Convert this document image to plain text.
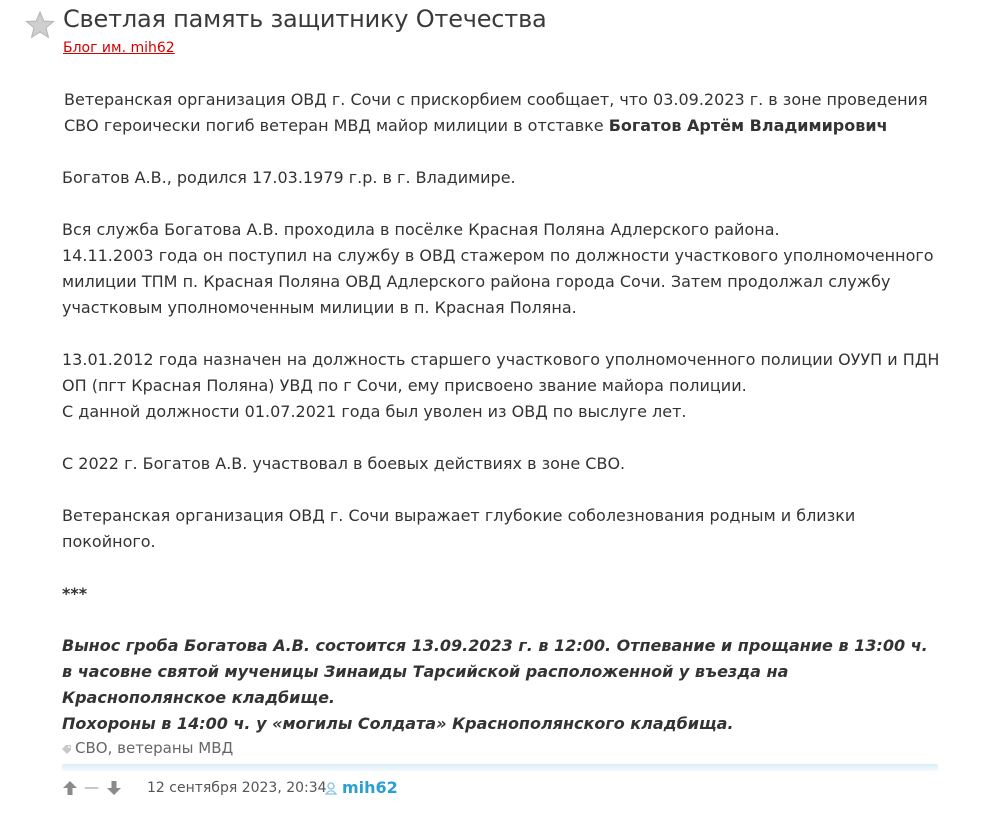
Светлая память защитнику Отечества
Блог им. mih62

Ветеранская организация ОВД г. Сочи с прискорбием сообщает, что 03.09.2023 г. в зоне проведения СВО героически погиб ветеран МВД майор милиции в отставке Богатов Артём Владимирович

Богатов А.В., родился 17.03.1979 г.р. в г. Владимире.

Вся служба Богатова А.В. проходила в посёлке Красная Поляна Адлерского района.

14.11.2003 года он поступил на службу в ОВД стажером по должности участкового уполномоченного милиции ТПМ п. Красная Поляна ОВД Адлерского района города Сочи. Затем продолжал службу участковым уполномоченным милиции в п. Красная Поляна.

13.01.2012 года назначен на должность старшего участкового уполномоченного полиции ОУУП и ПДН ОП (пгт Красная Поляна) УВД по г Сочи, ему присвоено звание майора полиции.

С данной должности 01.07.2021 года был уволен из ОВД по выслуге лет.

С 2022 г. Богатов А.В. участвовал в боевых действиях в зоне СВО.

Ветеранская организация ОВД г. Сочи выражает глубокие соболезнования родным и близки покойного.

***

Вынос гроба Богатова А.В. состоится 13.09.2023 г. в 12:00. Отпевание и прощание в 13:00 ч. в часовне святой мученицы Зинаиды Тарсийской расположенной у въезда на Краснополянское кладбище.

Похороны в 14:00 ч. у «могилы Солдата» Краснополянского кладбища.

СВО, ветераны МВД
—	12 сентября 2023, 20:34 mih62
